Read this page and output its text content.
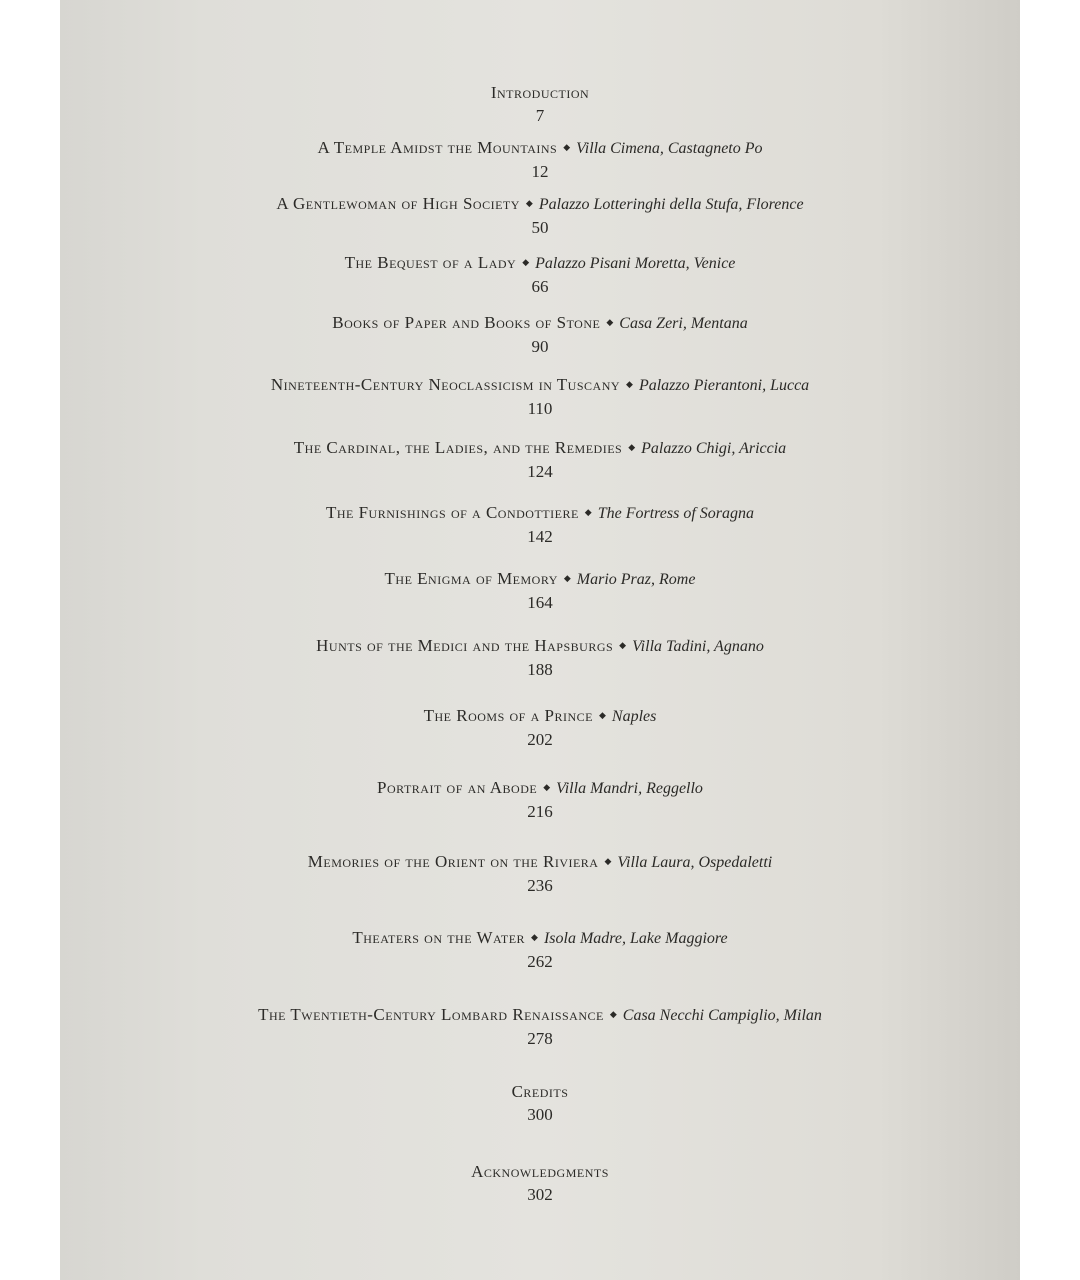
Introduction
7
A Temple Amidst the Mountains ◆ Villa Cimena, Castagneto Po
12
A Gentlewoman of High Society ◆ Palazzo Lotteringhi della Stufa, Florence
50
The Bequest of a Lady ◆ Palazzo Pisani Moretta, Venice
66
Books of Paper and Books of Stone ◆ Casa Zeri, Mentana
90
Nineteenth-Century Neoclassicism in Tuscany ◆ Palazzo Pierantoni, Lucca
110
The Cardinal, the Ladies, and the Remedies ◆ Palazzo Chigi, Ariccia
124
The Furnishings of a Condottiere ◆ The Fortress of Soragna
142
The Enigma of Memory ◆ Mario Praz, Rome
164
Hunts of the Medici and the Hapsburgs ◆ Villa Tadini, Agnano
188
The Rooms of a Prince ◆ Naples
202
Portrait of an Abode ◆ Villa Mandri, Reggello
216
Memories of the Orient on the Riviera ◆ Villa Laura, Ospedaletti
236
Theaters on the Water ◆ Isola Madre, Lake Maggiore
262
The Twentieth-Century Lombard Renaissance ◆ Casa Necchi Campiglio, Milan
278
Credits
300
Acknowledgments
302
